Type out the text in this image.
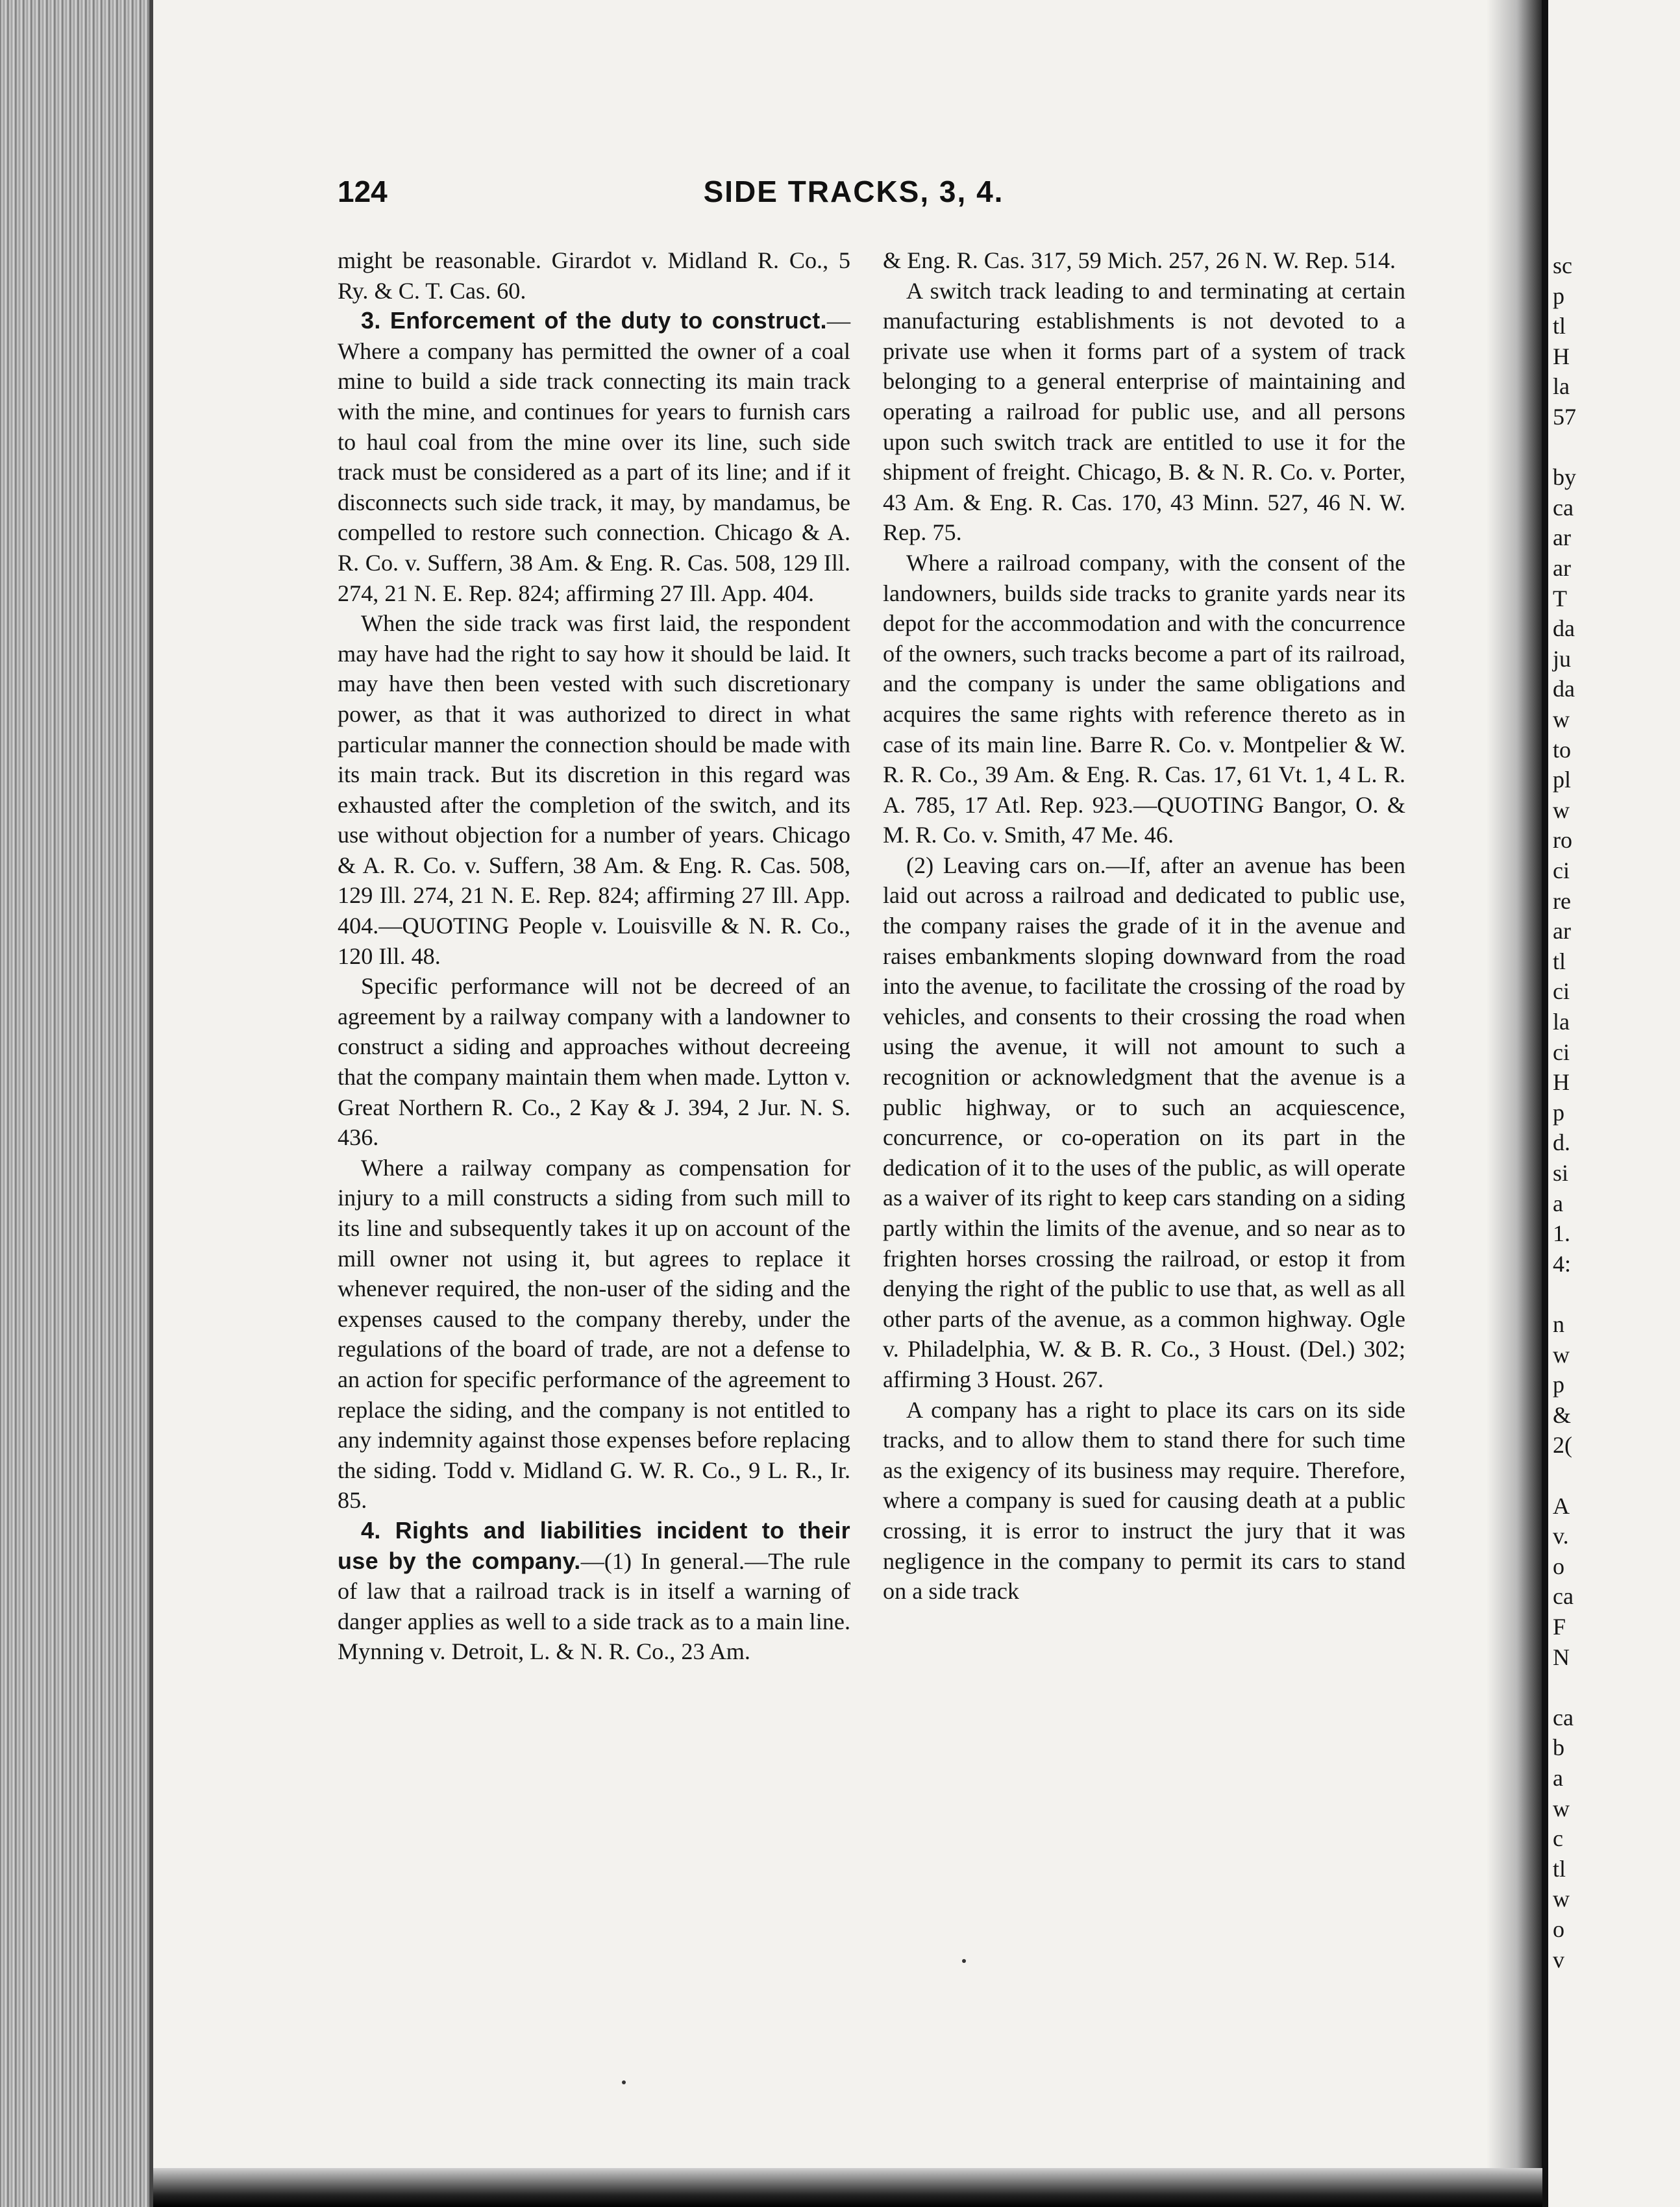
124	SIDE TRACKS, 3, 4.

might be reasonable. Girardot v. Midland R. Co., 5 Ry. & C. T. Cas. 60.

3. Enforcement of the duty to construct.—Where a company has permitted the owner of a coal mine to build a side track connecting its main track with the mine, and continues for years to furnish cars to haul coal from the mine over its line, such side track must be considered as a part of its line; and if it disconnects such side track, it may, by mandamus, be compelled to restore such connection. Chicago & A. R. Co. v. Suffern, 38 Am. & Eng. R. Cas. 508, 129 Ill. 274, 21 N. E. Rep. 824; affirming 27 Ill. App. 404.

When the side track was first laid, the respondent may have had the right to say how it should be laid. It may have then been vested with such discretionary power, as that it was authorized to direct in what particular manner the connection should be made with its main track. But its discretion in this regard was exhausted after the completion of the switch, and its use without objection for a number of years. Chicago & A. R. Co. v. Suffern, 38 Am. & Eng. R. Cas. 508, 129 Ill. 274, 21 N. E. Rep. 824; affirming 27 Ill. App. 404.—QUOTING People v. Louisville & N. R. Co., 120 Ill. 48.

Specific performance will not be decreed of an agreement by a railway company with a landowner to construct a siding and approaches without decreeing that the company maintain them when made. Lytton v. Great Northern R. Co., 2 Kay & J. 394, 2 Jur. N. S. 436.

Where a railway company as compensation for injury to a mill constructs a siding from such mill to its line and subsequently takes it up on account of the mill owner not using it, but agrees to replace it whenever required, the non-user of the siding and the expenses caused to the company thereby, under the regulations of the board of trade, are not a defense to an action for specific performance of the agreement to replace the siding, and the company is not entitled to any indemnity against those expenses before replacing the siding. Todd v. Midland G. W. R. Co., 9 L. R., Ir. 85.

4. Rights and liabilities incident to their use by the company.—(1) In general.—The rule of law that a railroad track is in itself a warning of danger applies as well to a side track as to a main line. Mynning v. Detroit, L. & N. R. Co., 23 Am.

& Eng. R. Cas. 317, 59 Mich. 257, 26 N. W. Rep. 514.

A switch track leading to and terminating at certain manufacturing establishments is not devoted to a private use when it forms part of a system of track belonging to a general enterprise of maintaining and operating a railroad for public use, and all persons upon such switch track are entitled to use it for the shipment of freight. Chicago, B. & N. R. Co. v. Porter, 43 Am. & Eng. R. Cas. 170, 43 Minn. 527, 46 N. W. Rep. 75.

Where a railroad company, with the consent of the landowners, builds side tracks to granite yards near its depot for the accommodation and with the concurrence of the owners, such tracks become a part of its railroad, and the company is under the same obligations and acquires the same rights with reference thereto as in case of its main line. Barre R. Co. v. Montpelier & W. R. R. Co., 39 Am. & Eng. R. Cas. 17, 61 Vt. 1, 4 L. R. A. 785, 17 Atl. Rep. 923.—QUOTING Bangor, O. & M. R. Co. v. Smith, 47 Me. 46.

(2) Leaving cars on.—If, after an avenue has been laid out across a railroad and dedicated to public use, the company raises the grade of it in the avenue and raises embankments sloping downward from the road into the avenue, to facilitate the crossing of the road by vehicles, and consents to their crossing the road when using the avenue, it will not amount to such a recognition or acknowledgment that the avenue is a public highway, or to such an acquiescence, concurrence, or co-operation on its part in the dedication of it to the uses of the public, as will operate as a waiver of its right to keep cars standing on a siding partly within the limits of the avenue, and so near as to frighten horses crossing the railroad, or estop it from denying the right of the public to use that, as well as all other parts of the avenue, as a common highway. Ogle v. Philadelphia, W. & B. R. Co., 3 Houst. (Del.) 302; affirming 3 Houst. 267.

A company has a right to place its cars on its side tracks, and to allow them to stand there for such time as the exigency of its business may require. Therefore, where a company is sued for causing death at a public crossing, it is error to instruct the jury that it was negligence in the company to permit its cars to stand on a side track

sc
p
tl
H
la
57
by
ca
ar
ar
T
da
ju
da
w
to
pl
w
ro
ci
re
ar
tl
ci
la
ci
H
p
d.
si
a
1.
4:
n
w
p
&
2(
A
v.
o
ca
F
N
ca
b
a
w
c
tl
w
o
v
